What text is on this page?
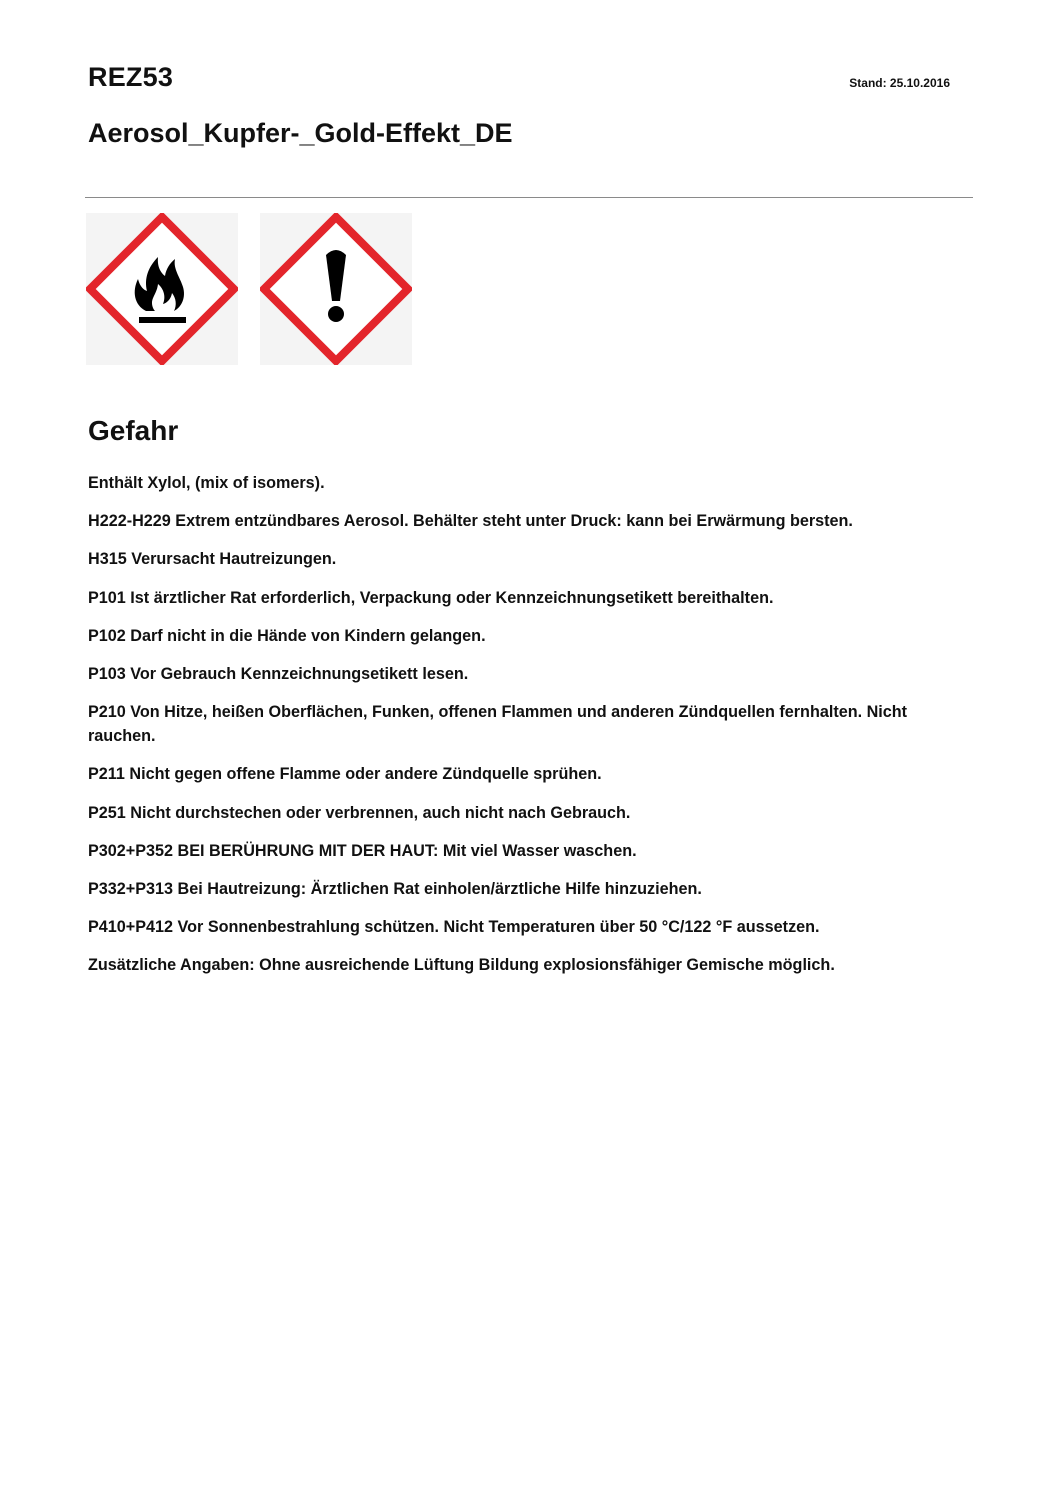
REZ53	Stand: 25.10.2016
Aerosol_Kupfer-_Gold-Effekt_DE
Gefahr
Enthält Xylol, (mix of isomers).
H222-H229 Extrem entzündbares Aerosol. Behälter steht unter Druck: kann bei Erwärmung bersten.
H315 Verursacht Hautreizungen.
P101 Ist ärztlicher Rat erforderlich, Verpackung oder Kennzeichnungsetikett bereithalten.
P102 Darf nicht in die Hände von Kindern gelangen.
P103 Vor Gebrauch Kennzeichnungsetikett lesen.
P210 Von Hitze, heißen Oberflächen, Funken, offenen Flammen und anderen Zündquellen fernhalten. Nicht rauchen.
P211 Nicht gegen offene Flamme oder andere Zündquelle sprühen.
P251 Nicht durchstechen oder verbrennen, auch nicht nach Gebrauch.
P302+P352 BEI BERÜHRUNG MIT DER HAUT: Mit viel Wasser waschen.
P332+P313 Bei Hautreizung: Ärztlichen Rat einholen/ärztliche Hilfe hinzuziehen.
P410+P412 Vor Sonnenbestrahlung schützen. Nicht Temperaturen über 50 °C/122 °F aussetzen.
Zusätzliche Angaben: Ohne ausreichende Lüftung Bildung explosionsfähiger Gemische möglich.
